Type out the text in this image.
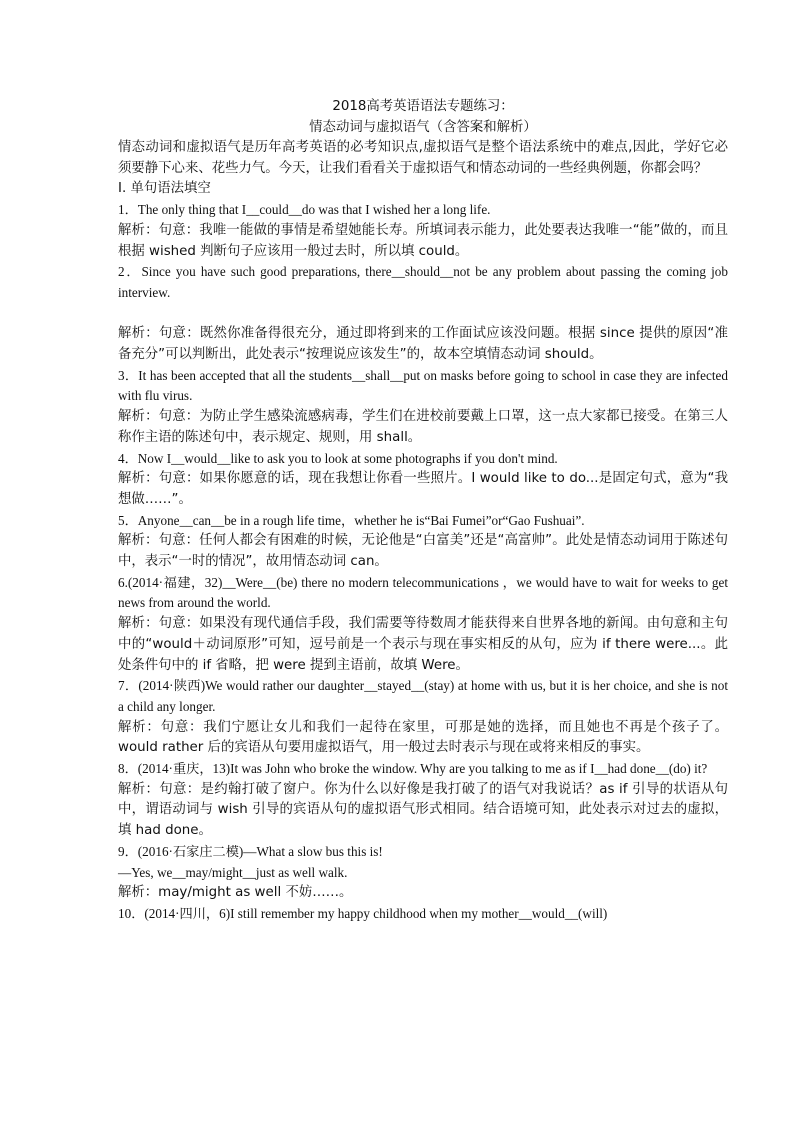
2018高考英语语法专题练习：
情态动词与虚拟语气（含答案和解析）

情态动词和虚拟语气是历年高考英语的必考知识点,虚拟语气是整个语法系统中的难点,因此，学好它必须要静下心来、花些力气。今天，让我们看看关于虚拟语气和情态动词的一些经典例题，你都会吗？

Ⅰ. 单句语法填空

1．The only thing that I__could__do was that I wished her a long life.

解析：句意：我唯一能做的事情是希望她能长寿。所填词表示能力，此处要表达我唯一“能”做的，而且根据 wished 判断句子应该用一般过去时，所以填 could。

2．Since you have such good preparations, there__should__not be any problem about passing the coming job interview.

解析：句意：既然你准备得很充分，通过即将到来的工作面试应该没问题。根据 since 提供的原因“准备充分”可以判断出，此处表示“按理说应该发生”的，故本空填情态动词 should。

3．It has been accepted that all the students__shall__put on masks before going to school in case they are infected with flu virus.

解析：句意：为防止学生感染流感病毒，学生们在进校前要戴上口罩，这一点大家都已接受。在第三人称作主语的陈述句中，表示规定、规则，用 shall。

4．Now I__would__like to ask you to look at some photographs if you don't mind.

解析：句意：如果你愿意的话，现在我想让你看一些照片。I would like to do...是固定句式，意为“我想做……”。

5．Anyone__can__be in a rough life time，whether he is“Bai Fumei”or“Gao Fushuai”.

解析：句意：任何人都会有困难的时候，无论他是“白富美”还是“高富帅”。此处是情态动词用于陈述句中，表示“一时的情况”，故用情态动词 can。

6.(2014·福建，32)__Were__(be) there no modern telecommunications ，we would have to wait for weeks to get news from around the world.

解析：句意：如果没有现代通信手段，我们需要等待数周才能获得来自世界各地的新闻。由句意和主句中的“would＋动词原形”可知，逗号前是一个表示与现在事实相反的从句，应为 if there were...。此处条件句中的 if 省略，把 were 提到主语前，故填 Were。

7．(2014·陕西)We would rather our daughter__stayed__(stay) at home with us, but it is her choice, and she is not a child any longer.

解析：句意：我们宁愿让女儿和我们一起待在家里，可那是她的选择，而且她也不再是个孩子了。would rather 后的宾语从句要用虚拟语气，用一般过去时表示与现在或将来相反的事实。

8．(2014·重庆，13)It was John who broke the window. Why are you talking to me as if I__had done__(do) it?

解析：句意：是约翰打破了窗户。你为什么以好像是我打破了的语气对我说话？as if 引导的状语从句中，谓语动词与 wish 引导的宾语从句的虚拟语气形式相同。结合语境可知，此处表示对过去的虚拟，填 had done。

9．(2016·石家庄二模)—What a slow bus this is!

—Yes, we__may/might__just as well walk.

解析：may/might as well 不妨……。

10．(2014·四川，6)I still remember my happy childhood when my mother__would__(will)
